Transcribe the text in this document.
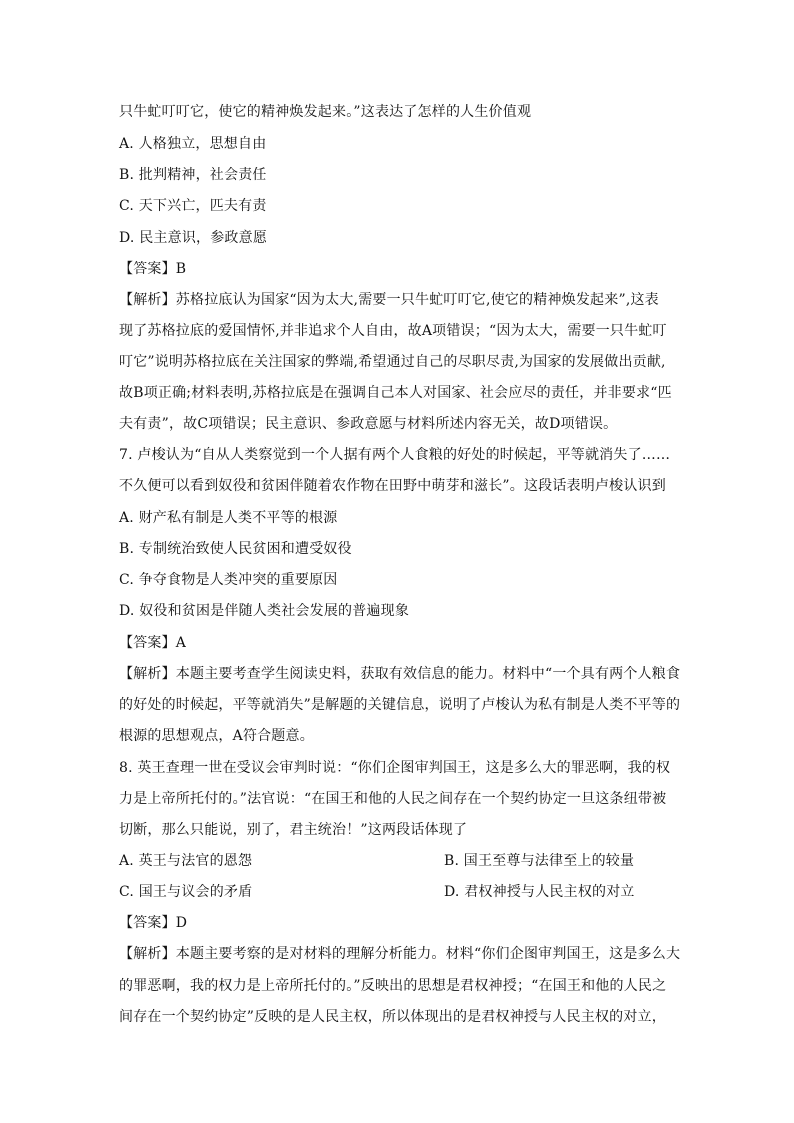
只牛虻叮叮它，使它的精神焕发起来。”这表达了怎样的人生价值观
A. 人格独立，思想自由
B. 批判精神，社会责任
C. 天下兴亡，匹夫有责
D. 民主意识，参政意愿
【答案】B
【解析】苏格拉底认为国家“因为太大,需要一只牛虻叮叮它,使它的精神焕发起来”,这表
现了苏格拉底的爱国情怀,并非追求个人自由，故A项错误；“因为太大，需要一只牛虻叮
叮它”说明苏格拉底在关注国家的弊端,希望通过自己的尽职尽责,为国家的发展做出贡献,
故B项正确;材料表明,苏格拉底是在强调自己本人对国家、社会应尽的责任，并非要求“匹
夫有责”，故C项错误；民主意识、参政意愿与材料所述内容无关，故D项错误。
7. 卢梭认为“自从人类察觉到一个人据有两个人食粮的好处的时候起，平等就消失了……
不久便可以看到奴役和贫困伴随着农作物在田野中萌芽和滋长”。这段话表明卢梭认识到
A. 财产私有制是人类不平等的根源
B. 专制统治致使人民贫困和遭受奴役
C. 争夺食物是人类冲突的重要原因
D. 奴役和贫困是伴随人类社会发展的普遍现象
【答案】A
【解析】本题主要考查学生阅读史料，获取有效信息的能力。材料中“一个具有两个人粮食
的好处的时候起，平等就消失”是解题的关键信息，说明了卢梭认为私有制是人类不平等的
根源的思想观点，A符合题意。
8. 英王查理一世在受议会审判时说：“你们企图审判国王，这是多么大的罪恶啊，我的权
力是上帝所托付的。”法官说：“在国王和他的人民之间存在一个契约协定一旦这条纽带被
切断，那么只能说，别了，君主统治！”这两段话体现了
A. 英王与法官的恩怨	B. 国王至尊与法律至上的较量
C. 国王与议会的矛盾	D. 君权神授与人民主权的对立
【答案】D
【解析】本题主要考察的是对材料的理解分析能力。材料“你们企图审判国王，这是多么大
的罪恶啊，我的权力是上帝所托付的。”反映出的思想是君权神授；“在国王和他的人民之
间存在一个契约协定”反映的是人民主权，所以体现出的是君权神授与人民主权的对立，
